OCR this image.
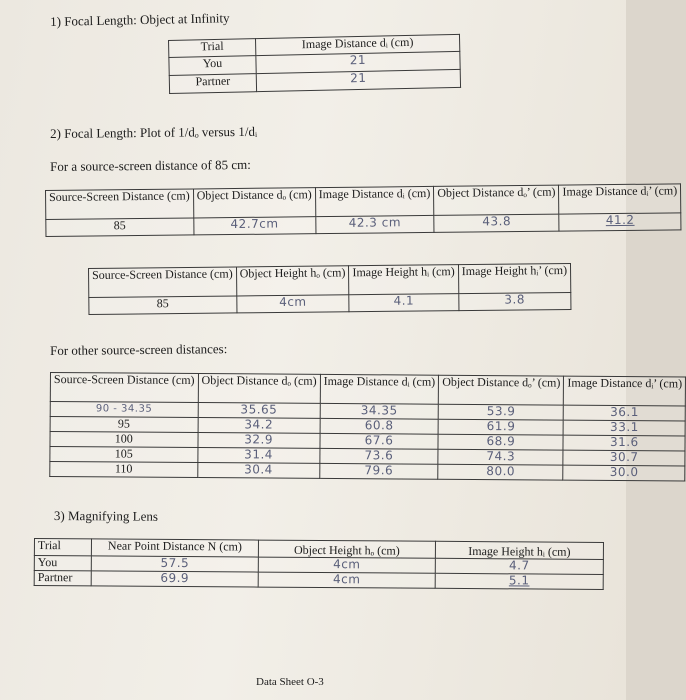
1) Focal Length: Object at Infinity
Trial	Image Distance dᵢ (cm)
You	21
Partner	21
2) Focal Length: Plot of 1/dₒ versus 1/dᵢ
For a source-screen distance of 85 cm:
Source-Screen Distance (cm)	Object Distance dₒ (cm)	Image Distance dᵢ (cm)	Object Distance dₒ’ (cm)	Image Distance dᵢ’ (cm)
85	42.7cm	42.3 cm	43.8	41.2
Source-Screen Distance (cm)	Object Height hₒ (cm)	Image Height hᵢ (cm)	Image Height hᵢ’ (cm)
85	4cm	4.1	3.8
For other source-screen distances:
Source-Screen Distance (cm)	Object Distance dₒ (cm)	Image Distance dᵢ (cm)	Object Distance dₒ’ (cm)	Image Distance dᵢ’ (cm)
90 - 34.35	35.65	34.35	53.9	36.1
95	34.2	60.8	61.9	33.1
100	32.9	67.6	68.9	31.6
105	31.4	73.6	74.3	30.7
110	30.4	79.6	80.0	30.0
3) Magnifying Lens
Trial	Near Point Distance N (cm)	Object Height hₒ (cm)	Image Height hᵢ (cm)
You	57.5	4cm	4.7
Partner	69.9	4cm	5.1
Data Sheet O-3
